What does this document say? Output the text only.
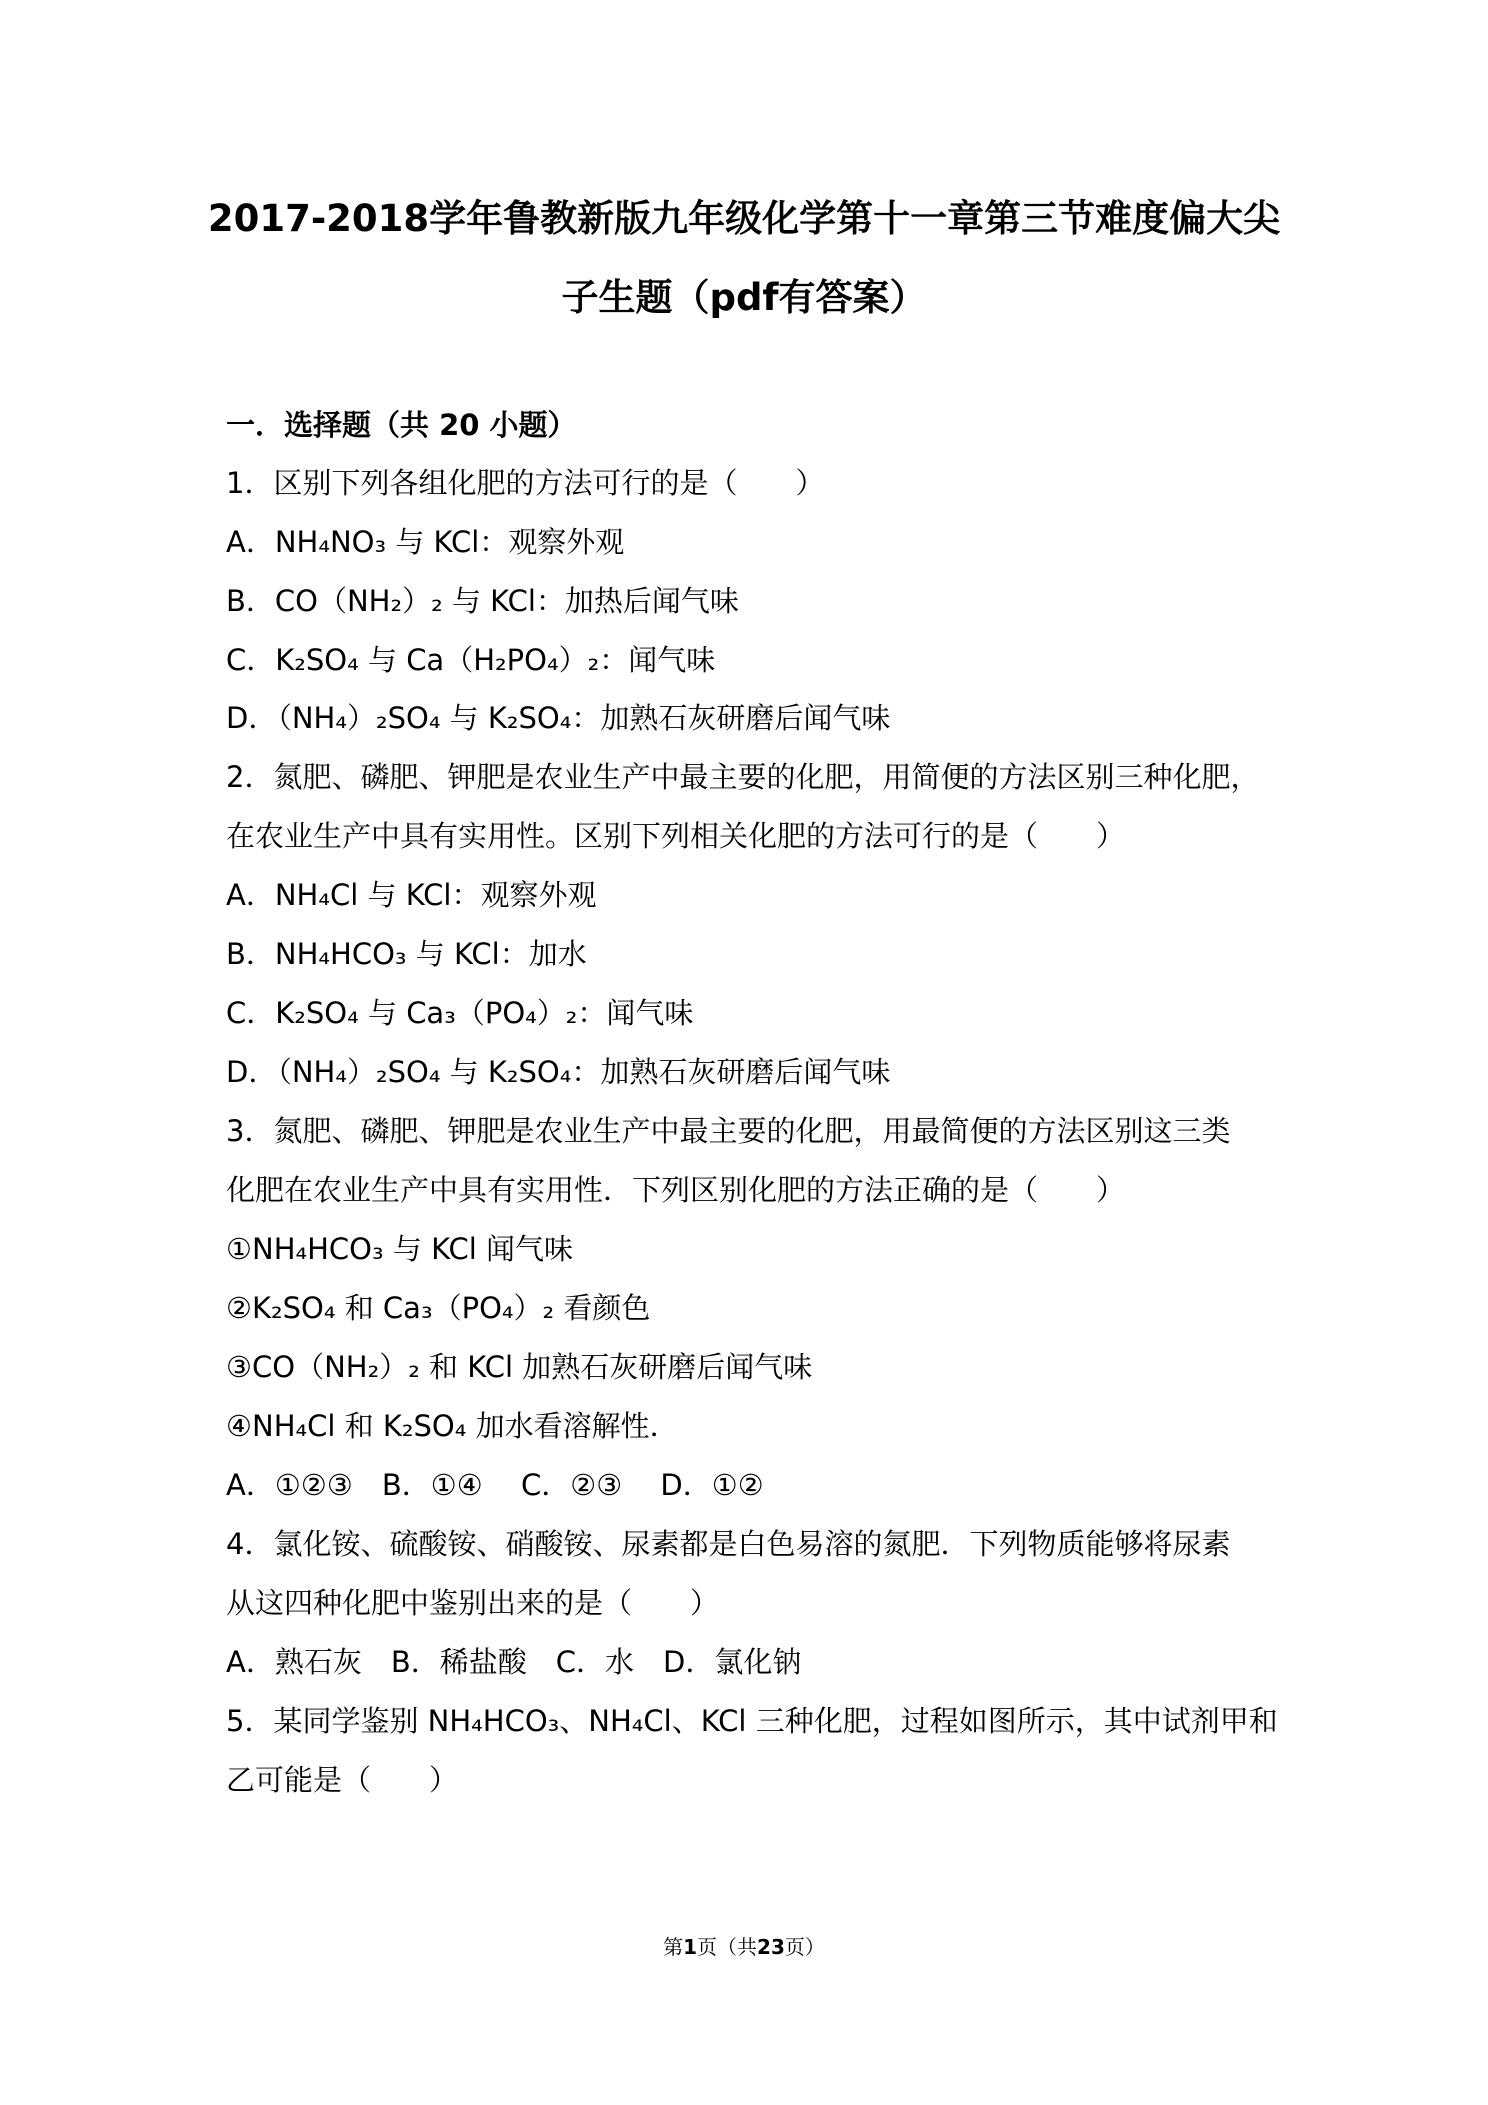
2017-2018学年鲁教新版九年级化学第十一章第三节难度偏大尖
子生题（pdf有答案）
一．选择题（共 20 小题）
1．区别下列各组化肥的方法可行的是（　　）
A．NH₄NO₃ 与 KCl：观察外观
B．CO（NH₂）₂ 与 KCl：加热后闻气味
C．K₂SO₄ 与 Ca（H₂PO₄）₂：闻气味
D．（NH₄）₂SO₄ 与 K₂SO₄：加熟石灰研磨后闻气味
2．氮肥、磷肥、钾肥是农业生产中最主要的化肥，用简便的方法区别三种化肥，
在农业生产中具有实用性。区别下列相关化肥的方法可行的是（　　）
A．NH₄Cl 与 KCl：观察外观
B．NH₄HCO₃ 与 KCl：加水
C．K₂SO₄ 与 Ca₃（PO₄）₂：闻气味
D．（NH₄）₂SO₄ 与 K₂SO₄：加熟石灰研磨后闻气味
3．氮肥、磷肥、钾肥是农业生产中最主要的化肥，用最简便的方法区别这三类
化肥在农业生产中具有实用性．下列区别化肥的方法正确的是（　　）
①NH₄HCO₃ 与 KCl 闻气味
②K₂SO₄ 和 Ca₃（PO₄）₂ 看颜色
③CO（NH₂）₂ 和 KCl 加熟石灰研磨后闻气味
④NH₄Cl 和 K₂SO₄ 加水看溶解性．
A．①②③　B．①④　 C．②③　 D．①②
4．氯化铵、硫酸铵、硝酸铵、尿素都是白色易溶的氮肥．下列物质能够将尿素
从这四种化肥中鉴别出来的是（　　）
A．熟石灰　B．稀盐酸　C．水　D．氯化钠
5．某同学鉴别 NH₄HCO₃、NH₄Cl、KCl 三种化肥，过程如图所示，其中试剂甲和
乙可能是（　　）
第1页（共23页）
